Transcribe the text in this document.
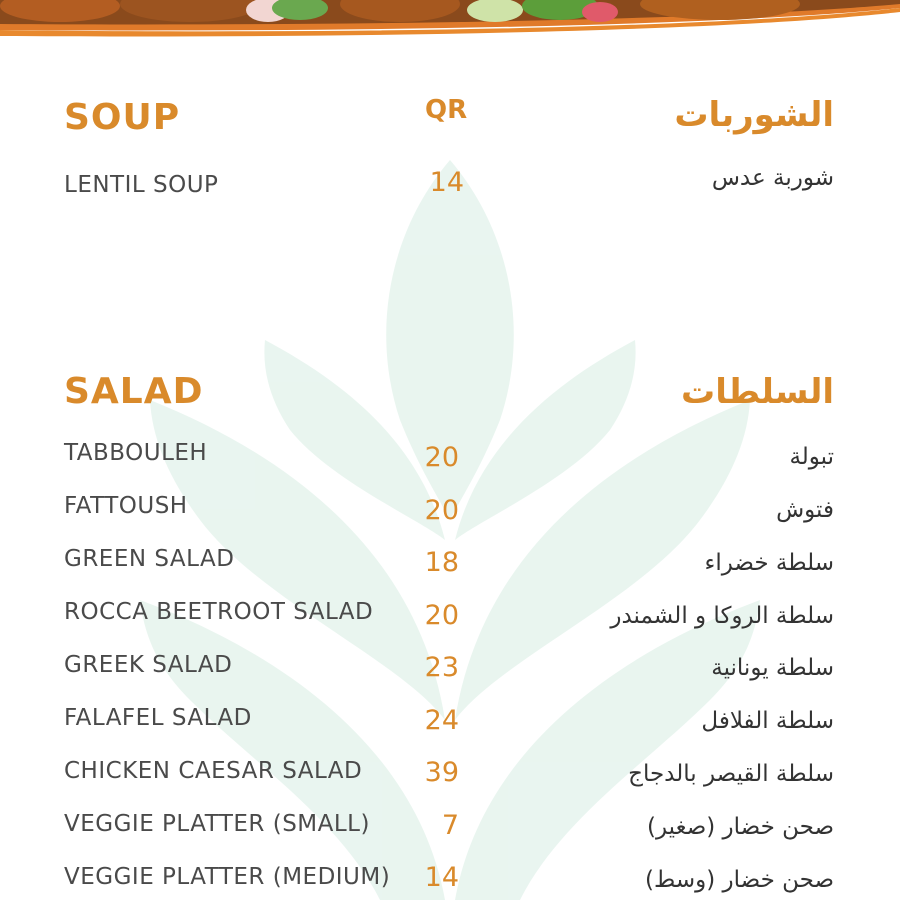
SOUP	QR	الشوربات
LENTIL SOUP	14	شوربة عدس
SALAD	السلطات
TABBOULEH	20	تبولة
FATTOUSH	20	فتوش
GREEN SALAD	18	سلطة خضراء
ROCCA BEETROOT SALAD	20	سلطة الروكا و الشمندر
GREEK SALAD	23	سلطة يونانية
FALAFEL SALAD	24	سلطة الفلافل
CHICKEN CAESAR SALAD	39	سلطة القيصر بالدجاج
VEGGIE PLATTER (SMALL)	7	صحن خضار (صغير)
VEGGIE PLATTER (MEDIUM)	14	صحن خضار (وسط)
